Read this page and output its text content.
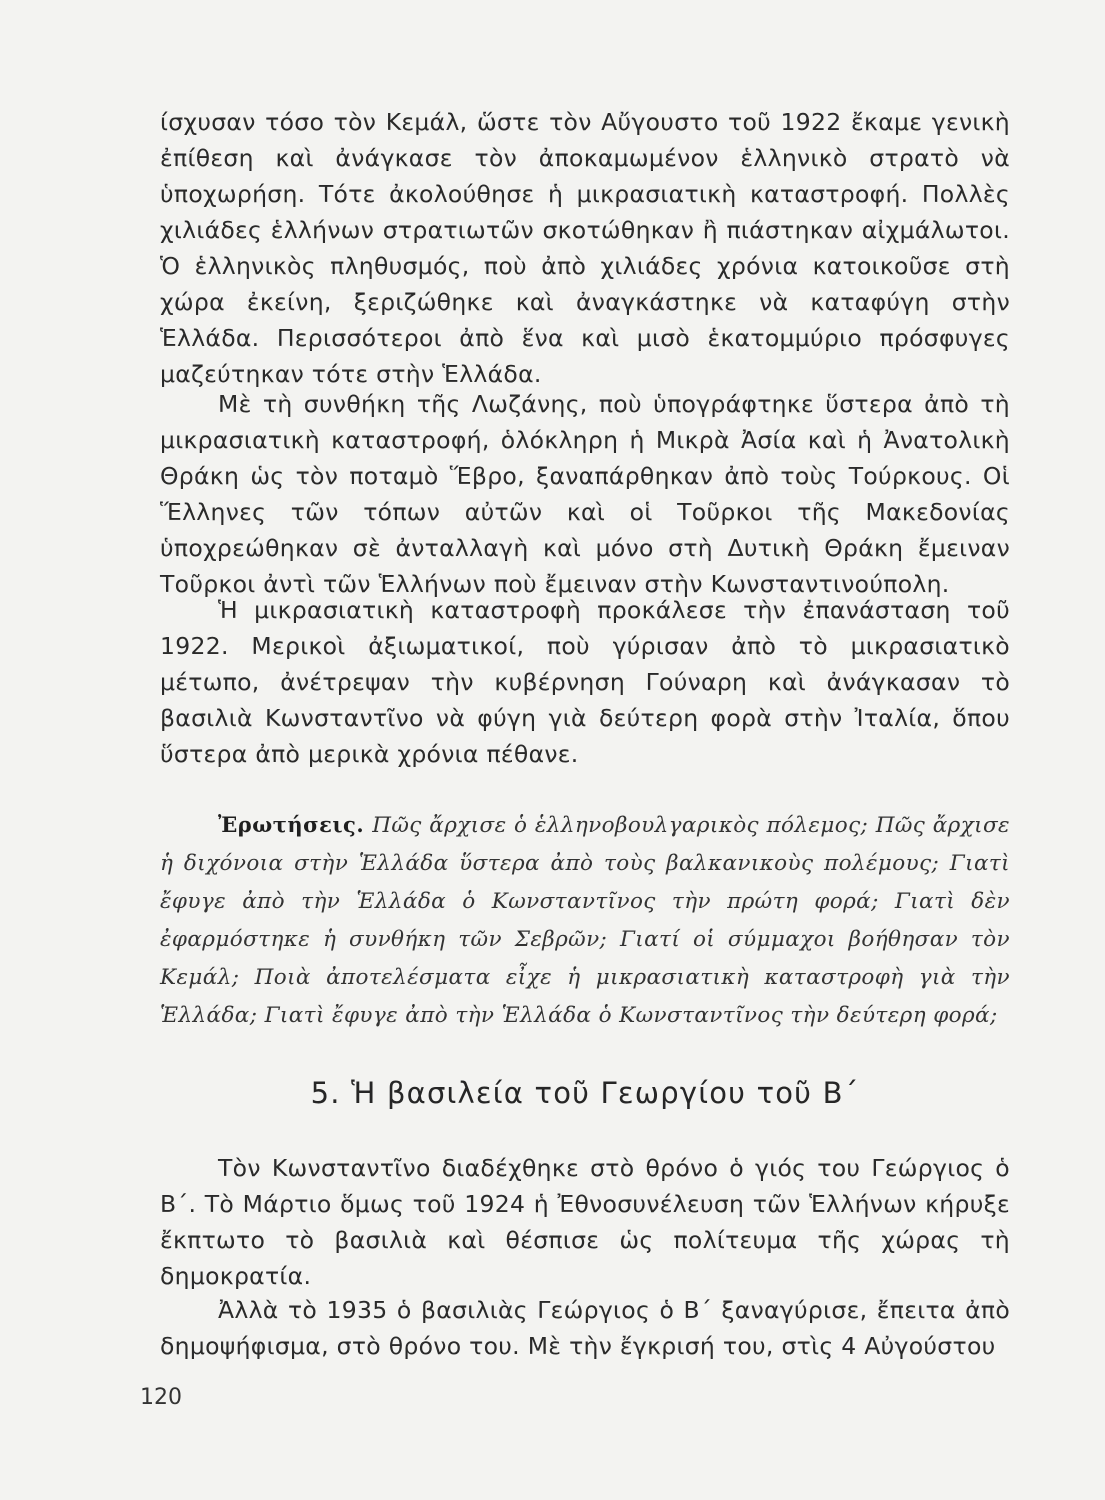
ίσχυσαν τόσο τὸν Κεμάλ, ὥστε τὸν Αὔγουστο τοῦ 1922 ἔκαμε γενικὴ ἐπίθεση καὶ ἀνάγκασε τὸν ἀποκαμωμένον ἑλληνικὸ στρατὸ νὰ ὑποχωρήση. Τότε ἀκολούθησε ἡ μικρασιατικὴ καταστροφή. Πολλὲς χιλιάδες ἑλλήνων στρατιωτῶν σκοτώθηκαν ἢ πιάστηκαν αἰχμάλωτοι. Ὁ ἑλληνικὸς πληθυσμός, ποὺ ἀπὸ χιλιάδες χρόνια κατοικοῦσε στὴ χώρα ἐκείνη, ξεριζώθηκε καὶ ἀναγκάστηκε νὰ καταφύγη στὴν Ἑλλάδα. Περισσότεροι ἀπὸ ἕνα καὶ μισὸ ἑκατομμύριο πρόσφυγες μαζεύτηκαν τότε στὴν Ἑλλάδα.

Μὲ τὴ συνθήκη τῆς Λωζάνης, ποὺ ὑπογράφτηκε ὕστερα ἀπὸ τὴ μικρασιατικὴ καταστροφή, ὁλόκληρη ἡ Μικρὰ Ἀσία καὶ ἡ Ἀνατολικὴ Θράκη ὡς τὸν ποταμὸ Ἕβρο, ξαναπάρθηκαν ἀπὸ τοὺς Τούρκους. Οἱ Ἕλληνες τῶν τόπων αὐτῶν καὶ οἱ Τοῦρκοι τῆς Μακεδονίας ὑποχρεώθηκαν σὲ ἀνταλλαγὴ καὶ μόνο στὴ Δυτικὴ Θράκη ἔμειναν Τοῦρκοι ἀντὶ τῶν Ἑλλήνων ποὺ ἔμειναν στὴν Κωνσταντινούπολη.

Ἡ μικρασιατικὴ καταστροφὴ προκάλεσε τὴν ἐπανάσταση τοῦ 1922. Μερικοὶ ἀξιωματικοί, ποὺ γύρισαν ἀπὸ τὸ μικρασιατικὸ μέτωπο, ἀνέτρεψαν τὴν κυβέρνηση Γούναρη καὶ ἀνάγκασαν τὸ βασιλιὰ Κωνσταντῖνο νὰ φύγη γιὰ δεύτερη φορὰ στὴν Ἰταλία, ὅπου ὕστερα ἀπὸ μερικὰ χρόνια πέθανε.

Ἐρωτήσεις. Πῶς ἄρχισε ὁ ἑλληνοβουλγαρικὸς πόλεμος; Πῶς ἄρχισε ἡ διχόνοια στὴν Ἑλλάδα ὕστερα ἀπὸ τοὺς βαλκανικοὺς πολέμους; Γιατὶ ἔφυγε ἀπὸ τὴν Ἑλλάδα ὁ Κωνσταντῖνος τὴν πρώτη φορά; Γιατὶ δὲν ἐφαρμόστηκε ἡ συνθήκη τῶν Σεβρῶν; Γιατί οἱ σύμμαχοι βοήθησαν τὸν Κεμάλ; Ποιὰ ἀποτελέσματα εἶχε ἡ μικρασιατικὴ καταστροφὴ γιὰ τὴν Ἑλλάδα; Γιατὶ ἔφυγε ἀπὸ τὴν Ἑλλάδα ὁ Κωνσταντῖνος τὴν δεύτερη φορά;

5. Ἡ βασιλεία τοῦ Γεωργίου τοῦ Β΄

Τὸν Κωνσταντῖνο διαδέχθηκε στὸ θρόνο ὁ γιός του Γεώργιος ὁ Β΄. Τὸ Μάρτιο ὅμως τοῦ 1924 ἡ Ἐθνοσυνέλευση τῶν Ἑλλήνων κήρυξε ἔκπτωτο τὸ βασιλιὰ καὶ θέσπισε ὡς πολίτευμα τῆς χώρας τὴ δημοκρατία.

Ἀλλὰ τὸ 1935 ὁ βασιλιὰς Γεώργιος ὁ Β΄ ξαναγύρισε, ἔπειτα ἀπὸ δημοψήφισμα, στὸ θρόνο του. Μὲ τὴν ἔγκρισή του, στὶς 4 Αὐγούστου

120
